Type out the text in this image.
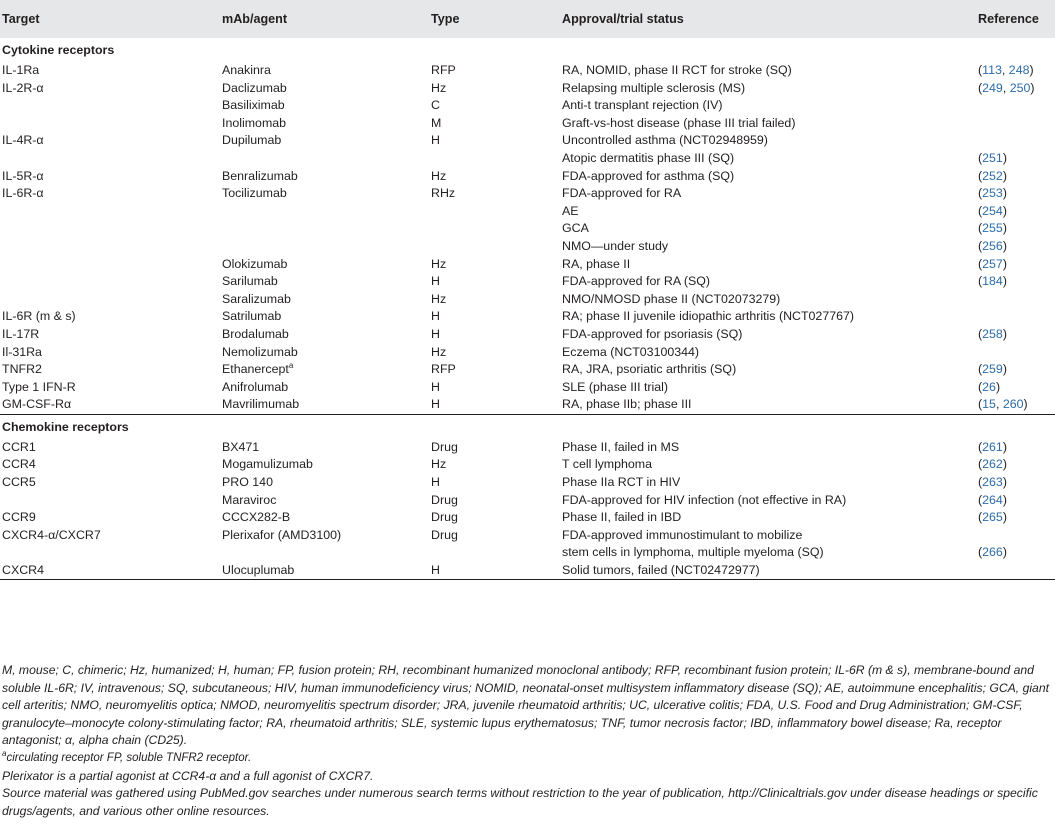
Target	mAb/agent	Type	Approval/trial status	Reference
Cytokine receptors				
IL-1Ra	Anakinra	RFP	RA, NOMID, phase II RCT for stroke (SQ)	(113, 248)
IL-2R-α	Daclizumab	Hz	Relapsing multiple sclerosis (MS)	(249, 250)
	Basiliximab	C	Anti-t transplant rejection (IV)	

	Inolimomab	M	Graft-vs-host disease (phase III trial failed)	

IL-4R-α	Dupilumab	H	Uncontrolled asthma (NCT02948959)	

			Atopic dermatitis phase III (SQ)	(251)
IL-5R-α	Benralizumab	Hz	FDA-approved for asthma (SQ)	(252)
IL-6R-α	Tocilizumab	RHz	FDA-approved for RA	(253)

			AE	(254)

			GCA	(255)

			NMO—under study	(256)
	Olokizumab	Hz	RA, phase II	(257)
	Sarilumab	H	FDA-approved for RA (SQ)	(184)
	Saralizumab	Hz	NMO/NMOSD phase II (NCT02073279)	

IL-6R (m & s)	Satrilumab	H	RA; phase II juvenile idiopathic arthritis (NCT027767)	

IL-17R	Brodalumab	H	FDA-approved for psoriasis (SQ)	(258)
Il-31Ra	Nemolizumab	Hz	Eczema (NCT03100344)	

TNFR2	Ethanercept$^a$	RFP	RA, JRA, psoriatic arthritis (SQ)	(259)
Type 1 IFN-R	Anifrolumab	H	SLE (phase III trial)	(26)
GM-CSF-Rα	Mavrilimumab	H	RA, phase IIb; phase III	(15, 260)
Chemokine receptors				
CCR1	BX471	Drug	Phase II, failed in MS	(261)
CCR4	Mogamulizumab	Hz	T cell lymphoma	(262)
CCR5	PRO 140	H	Phase IIa RCT in HIV	(263)
	Maraviroc	Drug	FDA-approved for HIV infection (not effective in RA)	(264)
CCR9	CCCX282-B	Drug	Phase II, failed in IBD	(265)
CXCR4-α/CXCR7	Plerixafor (AMD3100)	Drug	FDA-approved immunostimulant to mobilize
stem cells in lymphoma, multiple myeloma (SQ)	(266)
CXCR4	Ulocuplumab	H	Solid tumors, failed (NCT02472977)	

M, mouse; C, chimeric; Hz, humanized; H, human; FP, fusion protein; RH, recombinant humanized monoclonal antibody; RFP, recombinant fusion protein; IL-6R (m & s), membrane-bound and soluble IL-6R; IV, intravenous; SQ, subcutaneous; HIV, human immunodeficiency virus; NOMID, neonatal-onset multisystem inflammatory disease (SQ); AE, autoimmune encephalitis; GCA, giant cell arteritis; NMO, neuromyelitis optica; NMOD, neuromyelitis spectrum disorder; JRA, juvenile rheumatoid arthritis; UC, ulcerative colitis; FDA, U.S. Food and Drug Administration; GM-CSF, granulocyte–monocyte colony-stimulating factor; RA, rheumatoid arthritis; SLE, systemic lupus erythematosus; TNF, tumor necrosis factor; IBD, inflammatory bowel disease; Ra, receptor antagonist; α, alpha chain (CD25).

$^a$circulating receptor FP, soluble TNFR2 receptor.

Plerixator is a partial agonist at CCR4-α and a full agonist of CXCR7.

Source material was gathered using PubMed.gov searches under numerous search terms without restriction to the year of publication, http://Clinicaltrials.gov under disease headings or specific drugs/agents, and various other online resources.
